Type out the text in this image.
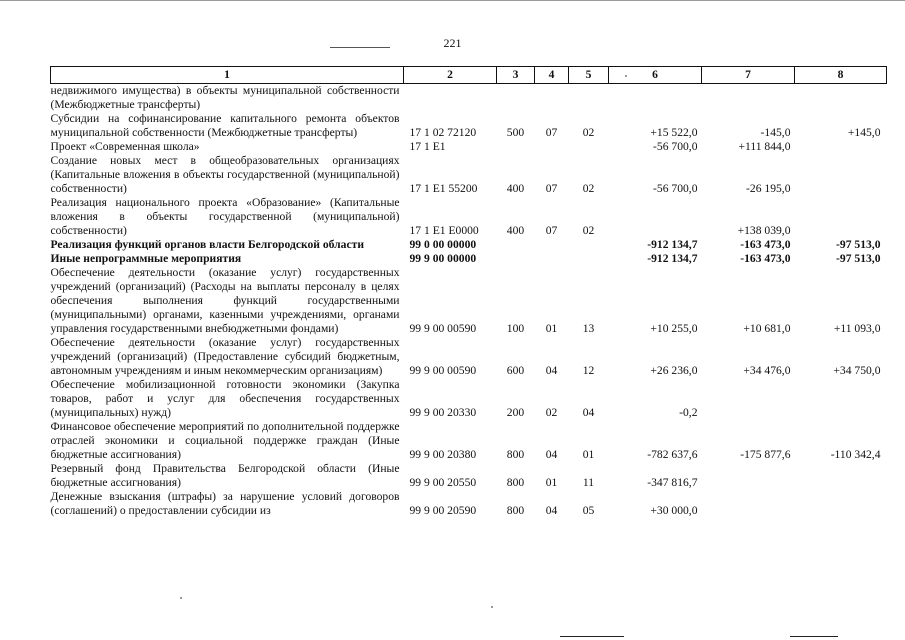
221
1	2	3	4	5	6	7	8
недвижимого имущества) в объекты муниципальной собственности (Межбюджетные трансферты)							
Субсидии на софинансирование капитального ремонта объектов муниципальной собственности (Межбюджетные трансферты)	17 1 02 72120	500	07	02	+15 522,0	-145,0	+145,0
Проект «Современная школа»	17 1 E1				-56 700,0	+111 844,0	
Создание новых мест в общеобразовательных организациях (Капитальные вложения в объекты государственной (муниципальной) собственности)	17 1 E1 55200	400	07	02	-56 700,0	-26 195,0	
Реализация национального проекта «Образование» (Капитальные вложения в объекты государственной (муниципальной) собственности)	17 1 E1 E0000	400	07	02		+138 039,0	
Реализация функций органов власти Белгородской области	99 0 00 00000				-912 134,7	-163 473,0	-97 513,0
Иные непрограммные мероприятия	99 9 00 00000				-912 134,7	-163 473,0	-97 513,0
Обеспечение деятельности (оказание услуг) государственных учреждений (организаций) (Расходы на выплаты персоналу в целях обеспечения выполнения функций государственными (муниципальными) органами, казенными учреждениями, органами управления государственными внебюджетными фондами)	99 9 00 00590	100	01	13	+10 255,0	+10 681,0	+11 093,0
Обеспечение деятельности (оказание услуг) государственных учреждений (организаций) (Предоставление субсидий бюджетным, автономным учреждениям и иным некоммерческим организациям)	99 9 00 00590	600	04	12	+26 236,0	+34 476,0	+34 750,0
Обеспечение мобилизационной готовности экономики (Закупка товаров, работ и услуг для обеспечения государственных (муниципальных) нужд)	99 9 00 20330	200	02	04	-0,2		
Финансовое обеспечение мероприятий по дополнительной поддержке отраслей экономики и социальной поддержке граждан (Иные бюджетные ассигнования)	99 9 00 20380	800	04	01	-782 637,6	-175 877,6	-110 342,4
Резервный фонд Правительства Белгородской области (Иные бюджетные ассигнования)	99 9 00 20550	800	01	11	-347 816,7		
Денежные взыскания (штрафы) за нарушение условий договоров (соглашений) о предоставлении субсидии из	99 9 00 20590	800	04	05	+30 000,0		
